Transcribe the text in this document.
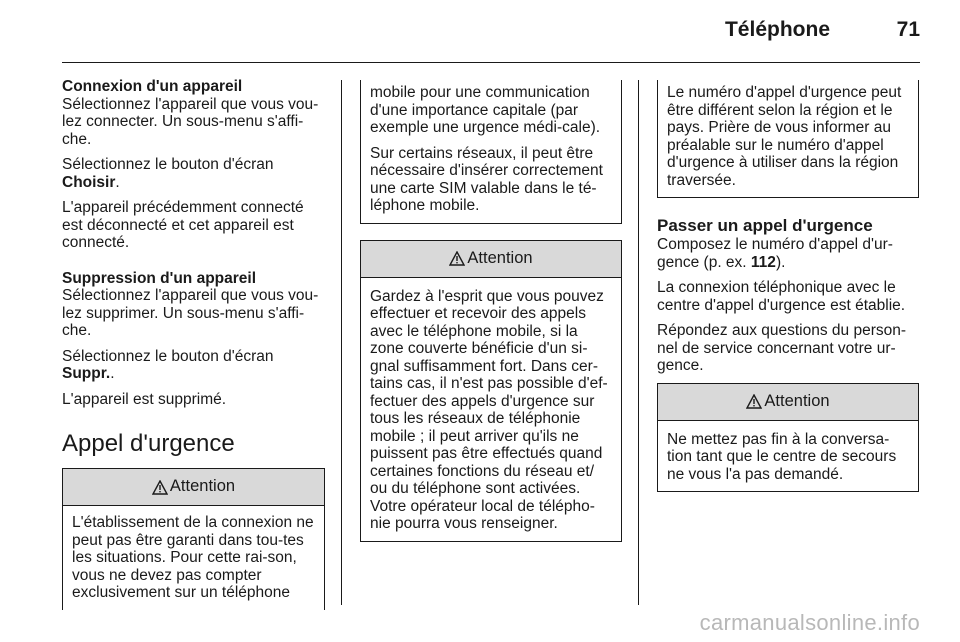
Téléphone	71

Connexion d'un appareil

Sélectionnez l'appareil que vous vou-lez connecter. Un sous-menu s'affi-che.

Sélectionnez le bouton d'écran
Choisir.

L'appareil précédemment connecté est déconnecté et cet appareil est connecté.

Suppression d'un appareil

Sélectionnez l'appareil que vous vou-lez supprimer. Un sous-menu s'affi-che.

Sélectionnez le bouton d'écran
Suppr..

L'appareil est supprimé.

Appel d'urgence
Attention

L'établissement de la connexion ne peut pas être garanti dans tou-tes les situations. Pour cette rai-son, vous ne devez pas compter exclusivement sur un téléphone

mobile pour une communication d'une importance capitale (par exemple une urgence médi-cale).

Sur certains réseaux, il peut être nécessaire d'insérer correctement une carte SIM valable dans le té-léphone mobile.

Attention

Gardez à l'esprit que vous pouvez effectuer et recevoir des appels avec le téléphone mobile, si la zone couverte bénéficie d'un si-gnal suffisamment fort. Dans cer-tains cas, il n'est pas possible d'ef-fectuer des appels d'urgence sur tous les réseaux de téléphonie mobile ; il peut arriver qu'ils ne puissent pas être effectués quand certaines fonctions du réseau et/ ou du téléphone sont activées. Votre opérateur local de télépho-nie pourra vous renseigner.

Le numéro d'appel d'urgence peut être différent selon la région et le pays. Prière de vous informer au préalable sur le numéro d'appel d'urgence à utiliser dans la région traversée.

Passer un appel d'urgence

Composez le numéro d'appel d'ur-gence (p. ex. 112).

La connexion téléphonique avec le centre d'appel d'urgence est établie.

Répondez aux questions du person-nel de service concernant votre ur-gence.

Attention

Ne mettez pas fin à la conversa-tion tant que le centre de secours ne vous l'a pas demandé.

carmanualsonline.info
